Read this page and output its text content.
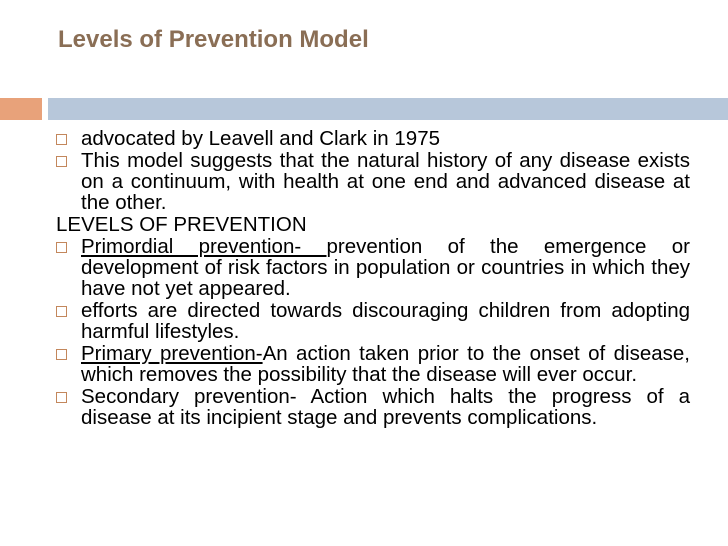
Levels of Prevention Model

advocated by Leavell and Clark in 1975

This model suggests that the natural history of any disease exists on a continuum, with health at one end and advanced disease at the other.

LEVELS OF PREVENTION

Primordial prevention- prevention of the emergence or development of risk factors in population or countries in which they have not yet appeared.

efforts are directed towards discouraging children from adopting harmful lifestyles.

Primary prevention-An action taken prior to the onset of disease, which removes the possibility that the disease will ever occur.

Secondary prevention- Action which halts the progress of a disease at its incipient stage and prevents complications.
